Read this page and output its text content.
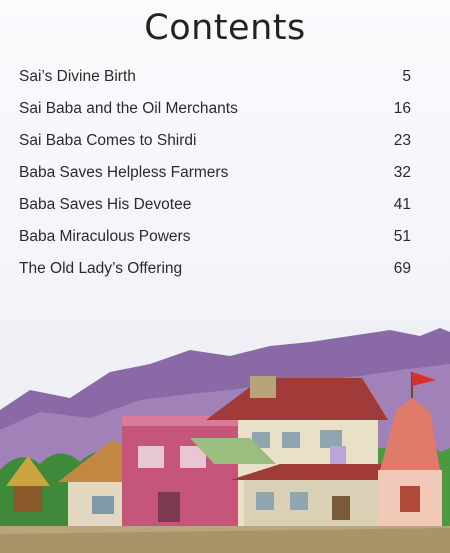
Contents
Sai’s Divine Birth	5
Sai Baba and the Oil Merchants	16
Sai Baba Comes to Shirdi	23
Baba Saves Helpless Farmers	32
Baba Saves His Devotee	41
Baba Miraculous Powers	51
The Old Lady’s Offering	69
